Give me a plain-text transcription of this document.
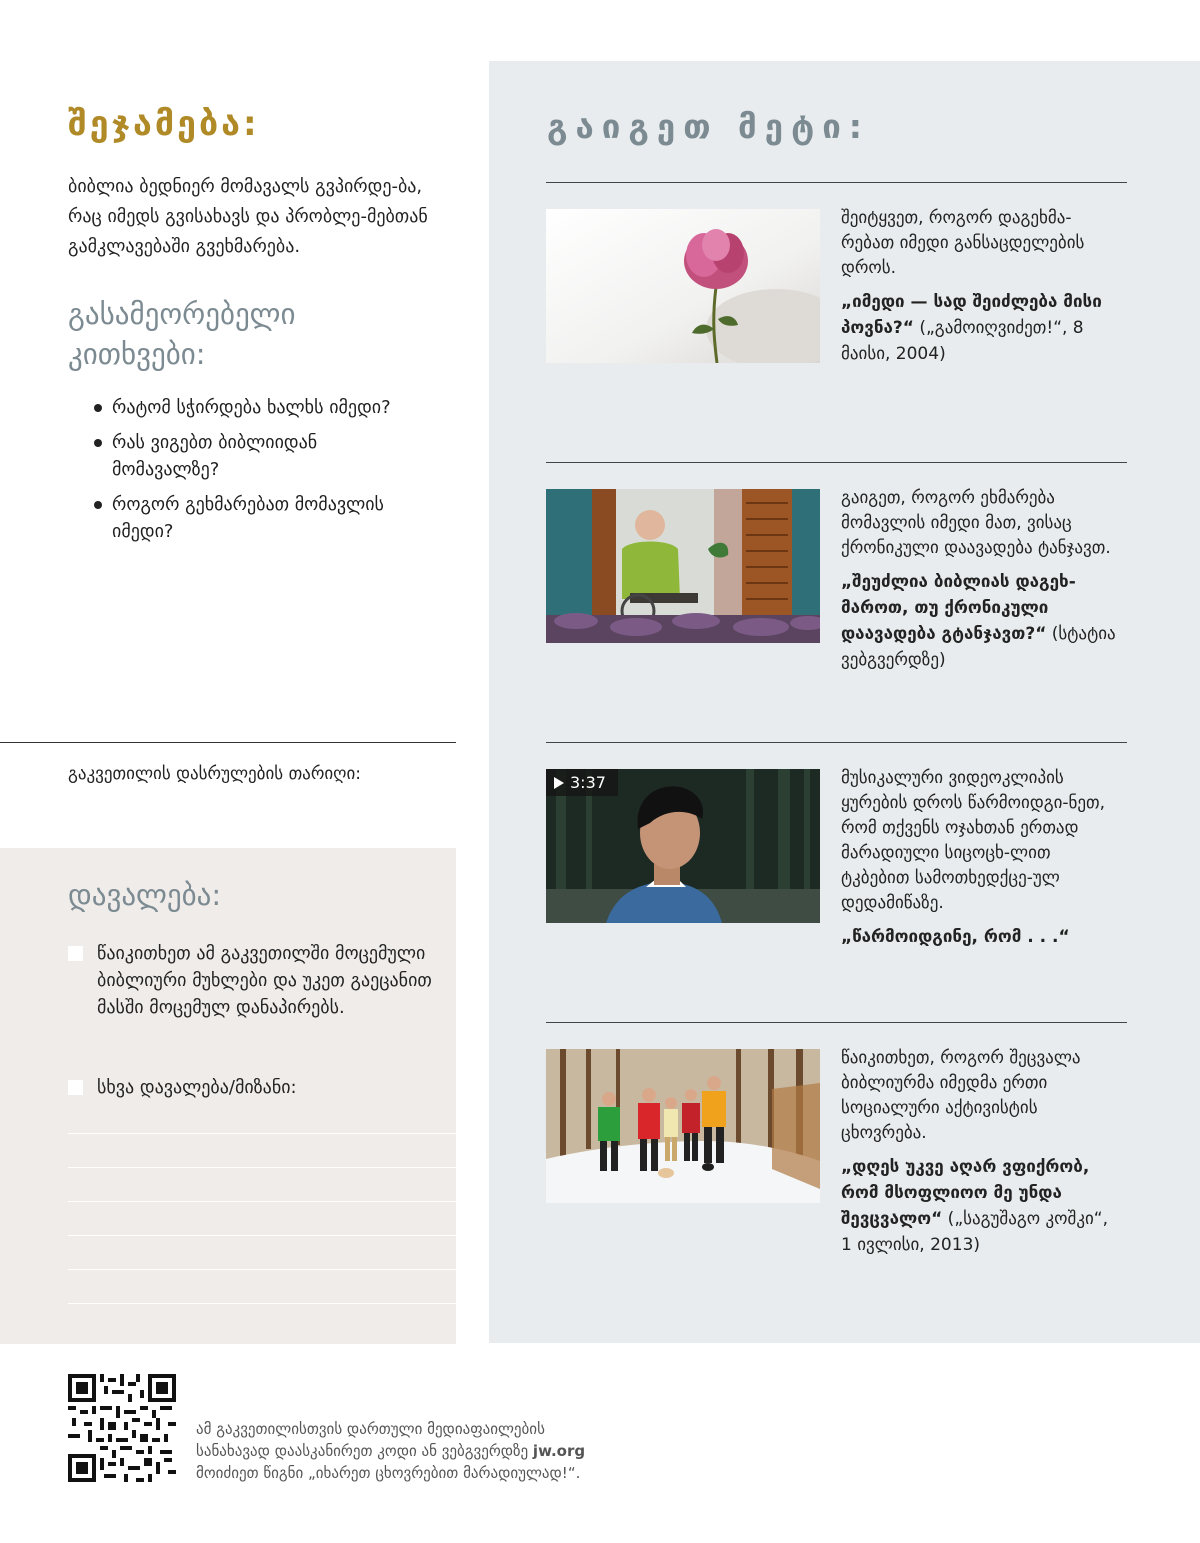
შეჯამება:
ბიბლია ბედნიერ მომავალს გვპირდე-ბა, რაც იმედს გვისახავს და პრობლე-მებთან გამკლავებაში გვეხმარება.
გასამეორებელი კითხვები:
რატომ სჭირდება ხალხს იმედი?
რას ვიგებთ ბიბლიიდან მომავალზე?
როგორ გეხმარებათ მომავლის იმედი?
გაკვეთილის დასრულების თარიღი:
დავალება:
წაიკითხეთ ამ გაკვეთილში მოცემული ბიბლიური მუხლები და უკეთ გაეცანით მასში მოცემულ დანაპირებს.
სხვა დავალება/მიზანი:
გაიგეთ მეტი:
შეიტყვეთ, როგორ დაგეხმა-რებათ იმედი განსაცდელების დროს.
„იმედი — სად შეიძლება მისი პოვნა?“ („გამოიღვიძეთ!“, 8 მაისი, 2004)
გაიგეთ, როგორ ეხმარება მომავლის იმედი მათ, ვისაც ქრონიკული დაავადება ტანჯავთ.
„შეუძლია ბიბლიას დაგეხ-მაროთ, თუ ქრონიკული დაავადება გტანჯავთ?“ (სტატია ვებგვერდზე)
3:37	მუსიკალური ვიდეოკლიპის ყურების დროს წარმოიდგი-ნეთ, რომ თქვენს ოჯახთან ერთად მარადიული სიცოცხ-ლით ტკბებით სამოთხედქცე-ულ დედამიწაზე.
„წარმოიდგინე, რომ . . .“
წაიკითხეთ, როგორ შეცვალა ბიბლიურმა იმედმა ერთი სოციალური აქტივისტის ცხოვრება.
„დღეს უკვე აღარ ვფიქრობ, რომ მსოფლიოო მე უნდა შევცვალო“ („საგუშაგო კოშკი“, 1 ივლისი, 2013)
ამ გაკვეთილისთვის დართული მედიაფაილების
სანახავად დაასკანირეთ კოდი ან ვებგვერდზე jw.org
მოიძიეთ წიგნი „იხარეთ ცხოვრებით მარადიულად!“.
